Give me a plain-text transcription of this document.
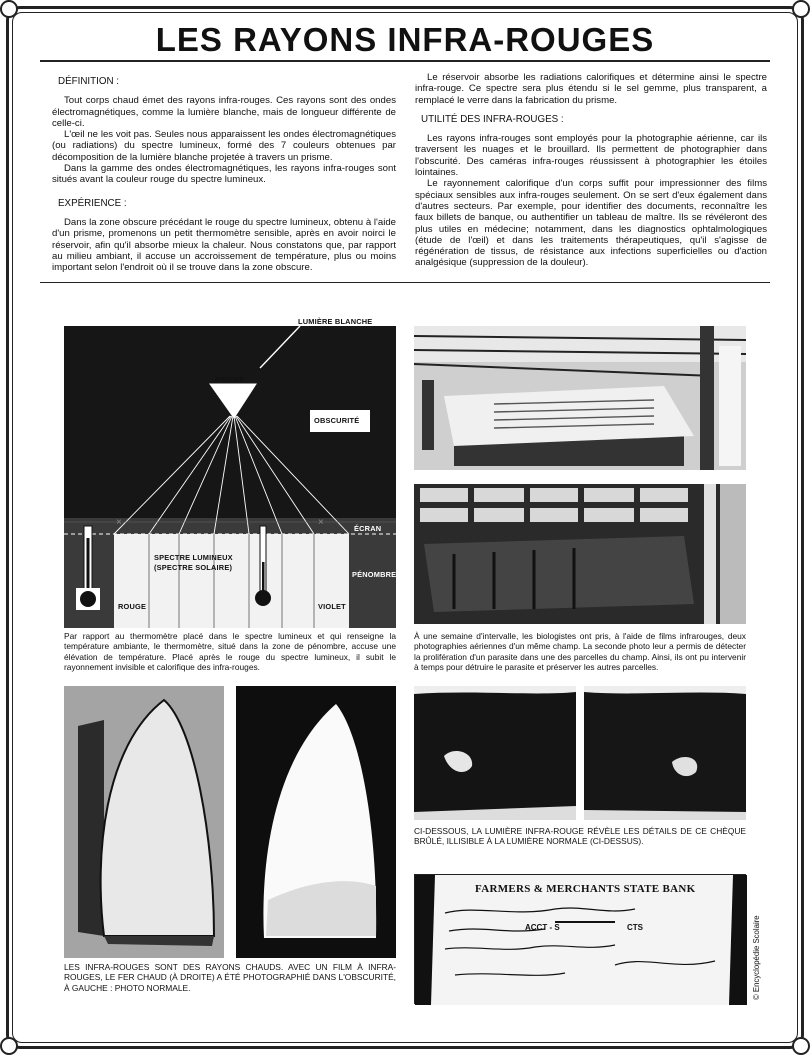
LES RAYONS INFRA-ROUGES
DÉFINITION :

Tout corps chaud émet des rayons infra-rouges. Ces rayons sont des ondes électromagnétiques, comme la lumière blanche, mais de longueur différente de celle-ci.

L'œil ne les voit pas. Seules nous apparaissent les ondes électromagnétiques (ou radiations) du spectre lumineux, formé des 7 couleurs obtenues par décomposition de la lumière blanche projetée à travers un prisme.

Dans la gamme des ondes électromagnétiques, les rayons infra-rouges sont situés avant la couleur rouge du spectre lumineux.

EXPÉRIENCE :

Dans la zone obscure précédant le rouge du spectre lumineux, obtenu à l'aide d'un prisme, promenons un petit thermomètre sensible, après en avoir noirci le réservoir, afin qu'il absorbe mieux la chaleur. Nous constatons que, par rapport au milieu ambiant, il accuse un accroissement de température, plus ou moins important selon l'endroit où il se trouve dans la zone obscure.

Le réservoir absorbe les radiations calorifiques et détermine ainsi le spectre infra-rouge. Ce spectre sera plus étendu si le sel gemme, plus transparent, a remplacé le verre dans la fabrication du prisme.

UTILITÉ DES INFRA-ROUGES :

Les rayons infra-rouges sont employés pour la photographie aérienne, car ils traversent les nuages et le brouillard. Ils permettent de photographier dans l'obscurité. Des caméras infra-rouges réussissent à photographier les étoiles lointaines.

Le rayonnement calorifique d'un corps suffit pour impressionner des films spéciaux sensibles aux infra-rouges seulement. On se sert d'eux également dans d'autres secteurs. Par exemple, pour identifier des documents, reconnaître les faux billets de banque, ou authentifier un tableau de maître. Ils se révéleront des plus utiles en médecine; notamment, dans les diagnostics ophtalmologiques (étude de l'œil) et dans les traitements thérapeutiques, qu'il s'agisse de régénération de tissus, de résistance aux infections superficielles ou d'action analgésique (suppression de la douleur).

×	×
LUMIÈRE BLANCHE
PRISME
OBSCURITÉ
ÉCRAN
SPECTRE LUMINEUX
(SPECTRE SOLAIRE)
PÉNOMBRE
ROUGE	VIOLET
Par rapport au thermomètre placé dans le spectre lumineux et qui renseigne la température ambiante, le thermomètre, situé dans la zone de pénombre, accuse une élévation de température. Placé après le rouge du spectre lumineux, il subit le rayonnement invisible et calorifique des infra-rouges.
À une semaine d'intervalle, les biologistes ont pris, à l'aide de films infrarouges, deux photographies aériennes d'un même champ. La seconde photo leur a permis de détecter la prolifération d'un parasite dans une des parcelles du champ. Ainsi, ils ont pu intervenir à temps pour détruire le parasite et préserver les autres parcelles.
LES INFRA-ROUGES SONT DES RAYONS CHAUDS. AVEC UN FILM À INFRA-ROUGES, LE FER CHAUD (À DROITE) A ÉTÉ PHOTOGRAPHIÉ DANS L'OBSCURITÉ, À GAUCHE : PHOTO NORMALE.
CI-DESSOUS, LA LUMIÈRE INFRA-ROUGE RÉVÈLE LES DÉTAILS DE CE CHÈQUE BRÛLÉ, ILLISIBLE À LA LUMIÈRE NORMALE (CI-DESSUS).
FARMERS & MERCHANTS STATE BANK
ACCT - S	CTS	© Encyclopédie Scolaire
